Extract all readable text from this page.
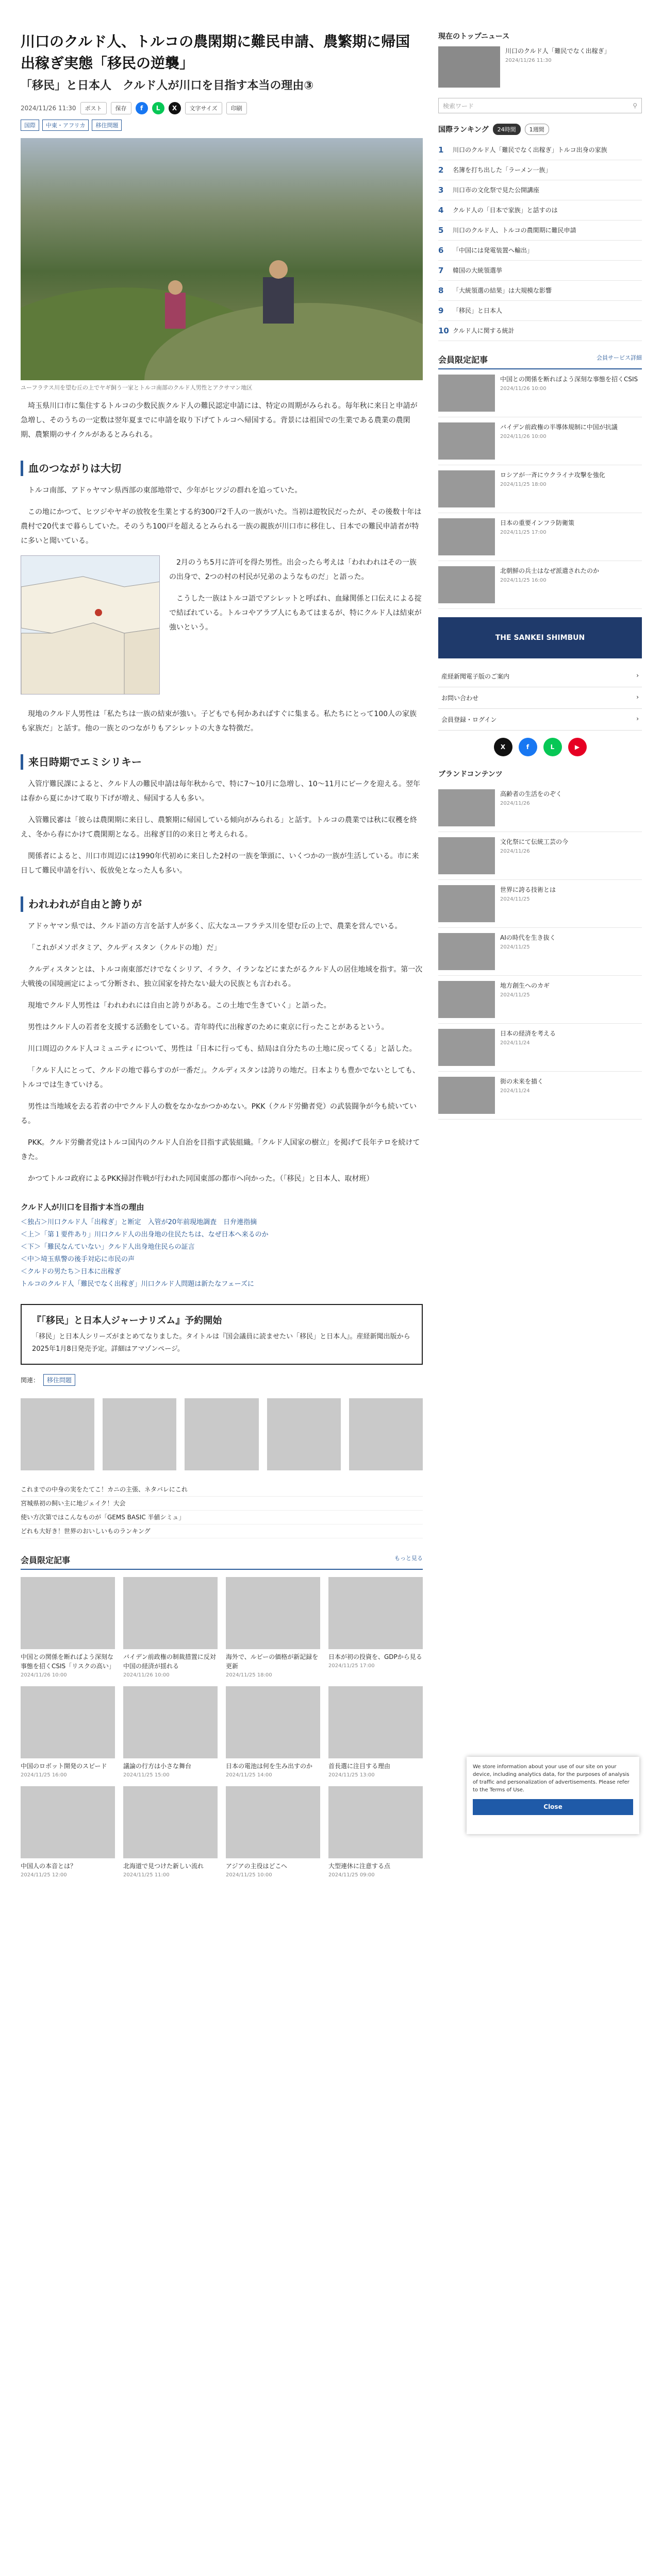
川口のクルド人、トルコの農閑期に難民申請、農繁期に帰国　出稼ぎ実態「移民の逆襲」
「移民」と日本人　クルド人が川口を目指す本当の理由③
2024/11/26 11:30	ポスト	保存	f	L	X	文字サイズ	印刷
国際	中東・アフリカ	移住問題
ユーフラテス川を望む丘の上でヤギ飼う一家とトルコ南部のクルド人男性とアクサマン地区

埼玉県川口市に集住するトルコの少数民族クルド人の難民認定申請には、特定の周期がみられる。毎年秋に来日と申請が急増し、そのうちの一定数は翌年夏までに申請を取り下げてトルコへ帰国する。背景には祖国での生業である農業の農閑期、農繁期のサイクルがあるとみられる。

血のつながりは大切

トルコ南部、アドゥヤマン県西部の東部地帯で、少年がヒツジの群れを追っていた。

この地にかつて、ヒツジやヤギの放牧を生業とする約300戸2千人の一族がいた。当初は遊牧民だったが、その後数十年は農村で20代まで暮らしていた。そのうち100戸を超えるとみられる一族の親族が川口市に移住し、日本での難民申請者が特に多いと聞いている。

2月のうち5月に許可を得た男性。出会ったら考えは「われわれはその一族の出身で、2つの村の村民が兄弟のようなものだ」と語った。

こうした一族はトルコ語でアシレットと呼ばれ、血縁関係と口伝えによる掟で結ばれている。トルコやアラブ人にもあてはまるが、特にクルド人は結束が強いという。

現地のクルド人男性は「私たちは一族の結束が強い。子どもでも何かあればすぐに集まる。私たちにとって100人の家族も家族だ」と話す。他の一族とのつながりもアシレットの大きな特徴だ。

来日時期でエミシリキー

入管庁難民課によると、クルド人の難民申請は毎年秋からで、特に7〜10月に急増し、10〜11月にピークを迎える。翌年は春から夏にかけて取り下げが増え、帰国する人も多い。

入管難民審は「彼らは農閑期に来日し、農繁期に帰国している傾向がみられる」と話す。トルコの農業では秋に収穫を終え、冬から春にかけて農閑期となる。出稼ぎ目的の来日と考えられる。

関係者によると、川口市周辺には1990年代初めに来日した2村の一族を筆頭に、いくつかの一族が生活している。市に来日して難民申請を行い、仮放免となった人も多い。

われわれが自由と誇りが

アドゥヤマン県では、クルド語の方言を話す人が多く、広大なユーフラテス川を望む丘の上で、農業を営んでいる。

「これがメソポタミア、クルディスタン（クルドの地）だ」

クルディスタンとは、トルコ南東部だけでなくシリア、イラク、イランなどにまたがるクルド人の居住地域を指す。第一次大戦後の国境画定によって分断され、独立国家を持たない最大の民族とも言われる。

現地でクルド人男性は「われわれには自由と誇りがある。この土地で生きていく」と語った。

男性はクルド人の若者を支援する活動をしている。青年時代に出稼ぎのために東京に行ったことがあるという。

川口周辺のクルド人コミュニティについて、男性は「日本に行っても、結局は自分たちの土地に戻ってくる」と話した。

「クルド人にとって、クルドの地で暮らすのが一番だ」。クルディスタンは誇りの地だ。日本よりも豊かでないとしても、トルコでは生きていける。

男性は当地域を去る若者の中でクルド人の数をなかなかつかめない。PKK（クルド労働者党）の武装闘争が今も続いている。

PKK。クルド労働者党はトルコ国内のクルド人自治を目指す武装組織。「クルド人国家の樹立」を掲げて長年テロを続けてきた。

かつてトルコ政府によるPKK掃討作戦が行われた同国東部の都市へ向かった。（「移民」と日本人、取材班）

クルド人が川口を目指す本当の理由
＜独占＞川口クルド人「出稼ぎ」と断定　入管が20年前現地調査　日弁連指摘
＜上＞「第１要件あり」川口クルド人の出身地の住民たちは、なぜ日本へ来るのか
＜下＞「難民なんていない」クルド人出身地住民らの証言
＜中＞埼玉県警の後手対応に市民の声
＜クルドの男たち＞日本に出稼ぎ
トルコのクルド人「難民でなく出稼ぎ」川口クルド人問題は新たなフェーズに
『「移民」と日本人ジャーナリズム』予約開始
「移民」と日本人シリーズがまとめてなりました。タイトルは『国会議員に読ませたい「移民」と日本人』。産経新聞出版から2025年1月8日発売予定。詳細はアマゾンページ。
関連：	移住問題
これまでの中身の実をたてこ！カニの主張、ネタバレにこれ
宮城県初の飼い主に地ジェイク！大会
使い方次第ではこんなものが「GEMS BASIC 半値シミュ」
どれも大好き！世界のおいしいものランキング
会員限定記事	もっと見る
中国との関係を断ればよう深刻な事態を招くCSIS「リスクの高い」
2024/11/26 10:00
バイデン前政権の制裁措置に反対　中国の経済が揺れる
2024/11/26 10:00
海外で、ルビーの価格が新記録を更新
2024/11/25 18:00
日本が初の投資を、GDPから見る
2024/11/25 17:00
中国のロボット開発のスピード
2024/11/25 16:00
議論の行方は小さな舞台
2024/11/25 15:00
日本の電池は何を生み出すのか
2024/11/25 14:00
首長選に注目する理由
2024/11/25 13:00
中国人の本音とは？
2024/11/25 12:00
北海道で見つけた新しい流れ
2024/11/25 11:00
アジアの主役はどこへ
2024/11/25 10:00
大型連休に注意する点
2024/11/25 09:00
現在のトップニュース
川口のクルド人「難民でなく出稼ぎ」
2024/11/26 11:30
検索ワード	⚲
国際ランキング	24時間	1週間
1	川口のクルド人「難民でなく出稼ぎ」トルコ出身の家族
2	名簿を打ち出した「ラーメン一族」
3	川口市の文化祭で見た公開講座
4	クルド人の「日本で家族」と話すのは
5	川口のクルド人、トルコの農閑期に難民申請
6	「中国には発電装置へ輸出」
7	韓国の大統領選挙
8	「大統領選の結果」は大規模な影響
9	「移民」と日本人
10 クルド人に関する統計
会員限定記事	会員サービス詳細
中国との関係を断ればよう深刻な事態を招くCSIS
2024/11/26 10:00
バイデン前政権の半導体規制に中国が抗議
2024/11/26 10:00
ロシアが一斉にウクライナ攻撃を強化
2024/11/25 18:00
日本の重要インフラ防衛策
2024/11/25 17:00
北朝鮮の兵士はなぜ派遣されたのか
2024/11/25 16:00
THE SANKEI SHIMBUN
産経新聞電子版のご案内	›
お問い合わせ	›
会員登録・ログイン	›
X	f	L	▶
ブランドコンテンツ
高齢者の生活をのぞく
2024/11/26
文化祭にて伝統工芸の今
2024/11/26
世界に誇る技術とは
2024/11/25
AIの時代を生き抜く
2024/11/25
地方創生へのカギ
2024/11/25
日本の経済を考える
2024/11/24
街の未来を描く
2024/11/24
We store information about your use of our site on your device, including analytics data, for the purposes of analysis of traffic and personalization of advertisements. Please refer to the Terms of Use.
Close
